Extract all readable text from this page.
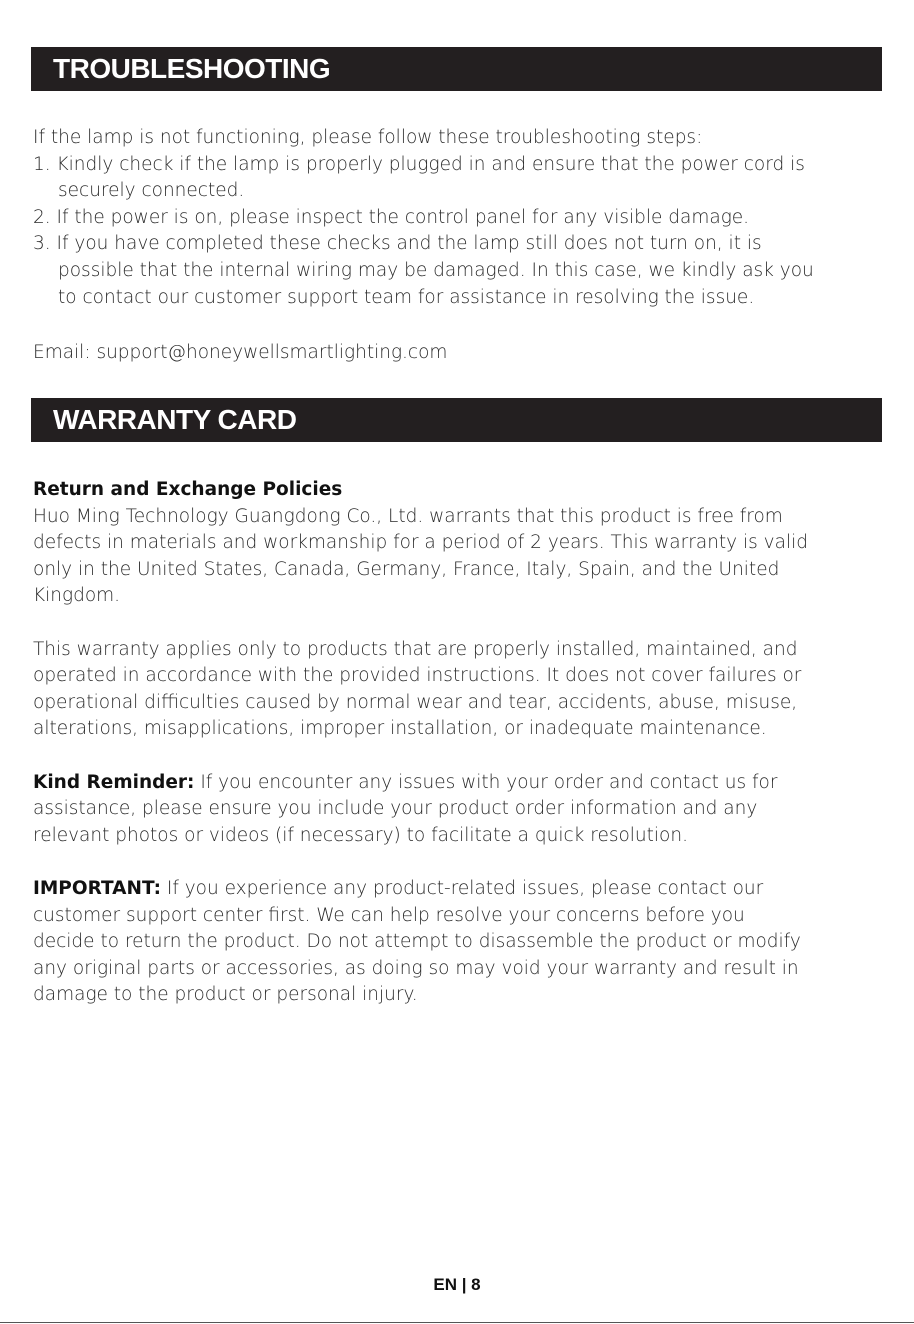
TROUBLESHOOTING
If the lamp is not functioning, please follow these troubleshooting steps:
1. Kindly check if the lamp is properly plugged in and ensure that the power cord is
securely connected.
2. If the power is on, please inspect the control panel for any visible damage.
3. If you have completed these checks and the lamp still does not turn on, it is
possible that the internal wiring may be damaged. In this case, we kindly ask you
to contact our customer support team for assistance in resolving the issue.
Email: support@honeywellsmartlighting.com
WARRANTY CARD
Return and Exchange Policies
Huo Ming Technology Guangdong Co., Ltd. warrants that this product is free from
defects in materials and workmanship for a period of 2 years. This warranty is valid
only in the United States, Canada, Germany, France, Italy, Spain, and the United
Kingdom.
This warranty applies only to products that are properly installed, maintained, and
operated in accordance with the provided instructions. It does not cover failures or
operational difficulties caused by normal wear and tear, accidents, abuse, misuse,
alterations, misapplications, improper installation, or inadequate maintenance.
Kind Reminder: If you encounter any issues with your order and contact us for
assistance, please ensure you include your product order information and any
relevant photos or videos (if necessary) to facilitate a quick resolution.
IMPORTANT: If you experience any product-related issues, please contact our
customer support center first. We can help resolve your concerns before you
decide to return the product. Do not attempt to disassemble the product or modify
any original parts or accessories, as doing so may void your warranty and result in
damage to the product or personal injury.
EN | 8
